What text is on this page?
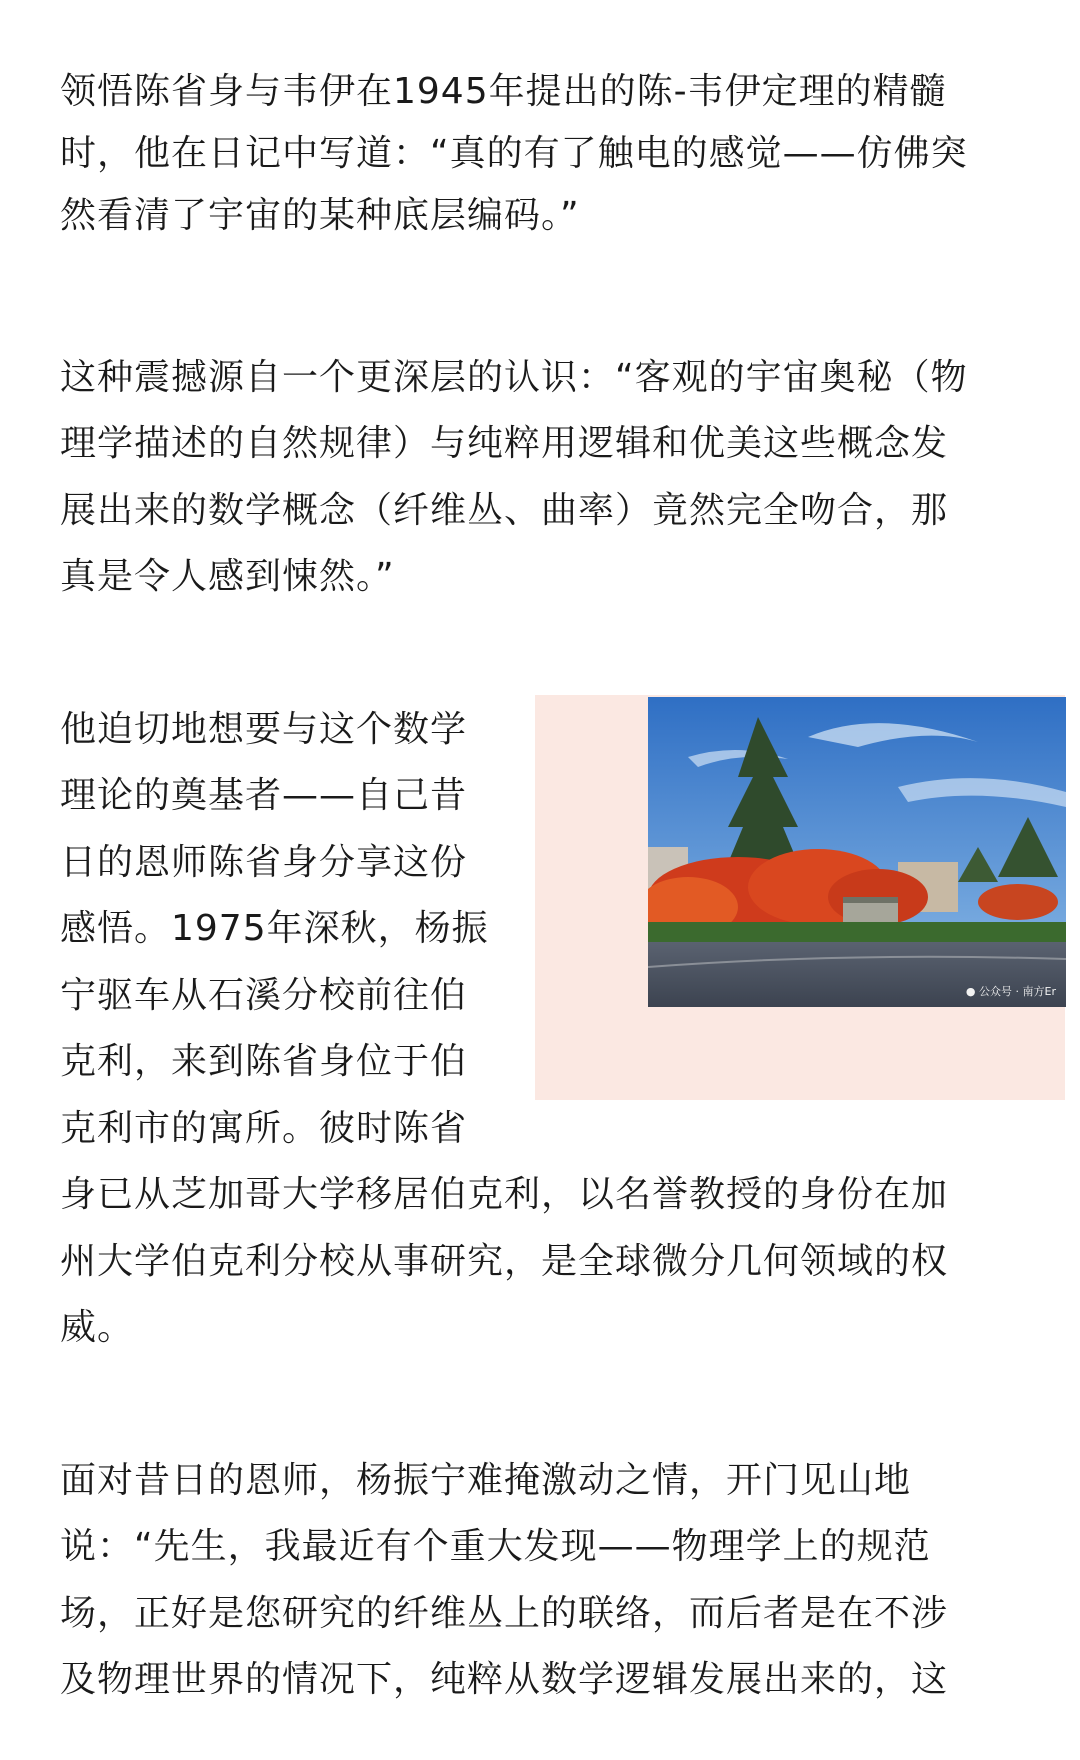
领悟陈省身与韦伊在1945年提出的陈-韦伊定理的精髓
时，他在日记中写道：“真的有了触电的感觉——仿佛突
然看清了宇宙的某种底层编码。”
这种震撼源自一个更深层的认识：“客观的宇宙奥秘（物
理学描述的自然规律）与纯粹用逻辑和优美这些概念发
展出来的数学概念（纤维丛、曲率）竟然完全吻合，那
真是令人感到悚然。”
● 公众号 · 南方Er
他迫切地想要与这个数学
理论的奠基者——自己昔
日的恩师陈省身分享这份
感悟。1975年深秋，杨振
宁驱车从石溪分校前往伯
克利，来到陈省身位于伯
克利市的寓所。彼时陈省
身已从芝加哥大学移居伯克利，以名誉教授的身份在加
州大学伯克利分校从事研究，是全球微分几何领域的权
威。
面对昔日的恩师，杨振宁难掩激动之情，开门见山地
说：“先生，我最近有个重大发现——物理学上的规范
场，正好是您研究的纤维丛上的联络，而后者是在不涉
及物理世界的情况下，纯粹从数学逻辑发展出来的，这
